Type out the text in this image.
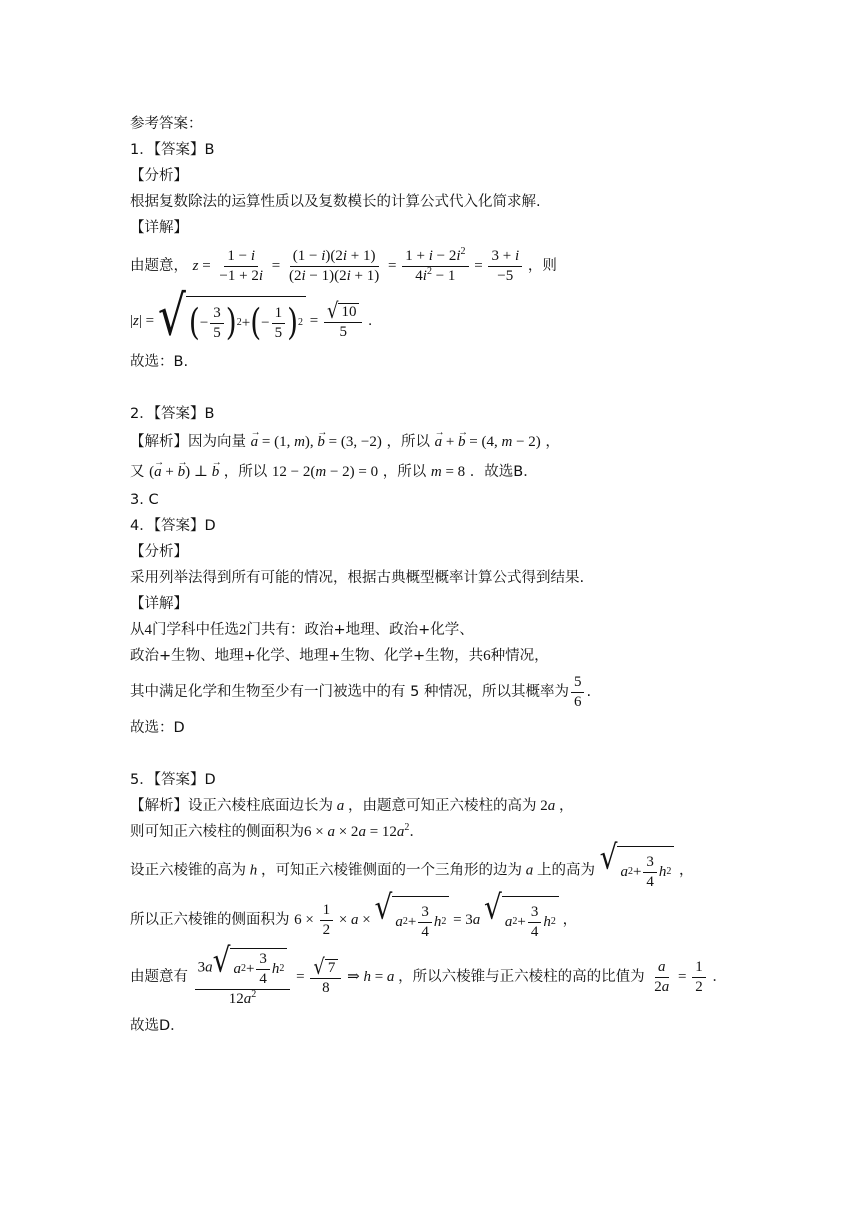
参考答案：
1．【答案】B
【分析】
根据复数除法的运算性质以及复数模长的计算公式代入化简求解.
【详解】
由题意， $z = \frac{1 - i}{-1 + 2i} = \frac{(1 - i)(2i + 1)}{(2i - 1)(2i + 1)} = \frac{1 + i - 2i^2}{4i^2 - 1} = \frac{3 + i}{-5}$ ，则
|z| = √ ( − $\frac{3}{5}$ ) 2 + ( − $\frac{1}{5}$ ) $2 = \frac{√ 10}{5}$ .
故选：B.
2．【答案】B
【解析】因为向量 → a = (1, m), → b = (3, −2) ，所以 → a + → b = (4, m − 2) ，
又 (→ a + → b) ⊥ → b ，所以 12 − 2(m − 2) = 0 ，所以 m = 8 ．故选B．
3. C
4．【答案】D
【分析】
采用列举法得到所有可能的情况，根据古典概型概率计算公式得到结果.
【详解】
从4门学科中任选2门共有：政治+地理、政治+化学、
政治+生物、地理+化学、地理+生物、化学+生物，共6种情况，
其中满足化学和生物至少有一门被选中的有 5 种情况，所以其概率为 $\frac{5}{6}$ .
故选：D
5．【答案】D
【解析】设正六棱柱底面边长为 a ，由题意可知正六棱柱的高为 2a ，
则可知正六棱柱的侧面积为$6 \times a \times 2a = 12a^2$．
设正六棱锥的高为 h ，可知正六棱锥侧面的一个三角形的边为 a 上的高为 √ a $2 + \frac{3}{4}$ h 2 ，
所以正六棱锥的侧面积为 $6 \times \frac{1}{2} \times a$ × √ a $2 + \frac{3}{4}$ h 2 = 3a √ a $2 + \frac{3}{4}$ h 2 ，
由题意有 $\frac{3a √ a 2 + \frac{3}{4} h 2}{12a^2} = \frac{√ 7}{8}$ ⇒ h = a ，所以六棱锥与正六棱柱的高的比值为 $\frac{a}{2a} = \frac{1}{2}$ ．
故选D．
